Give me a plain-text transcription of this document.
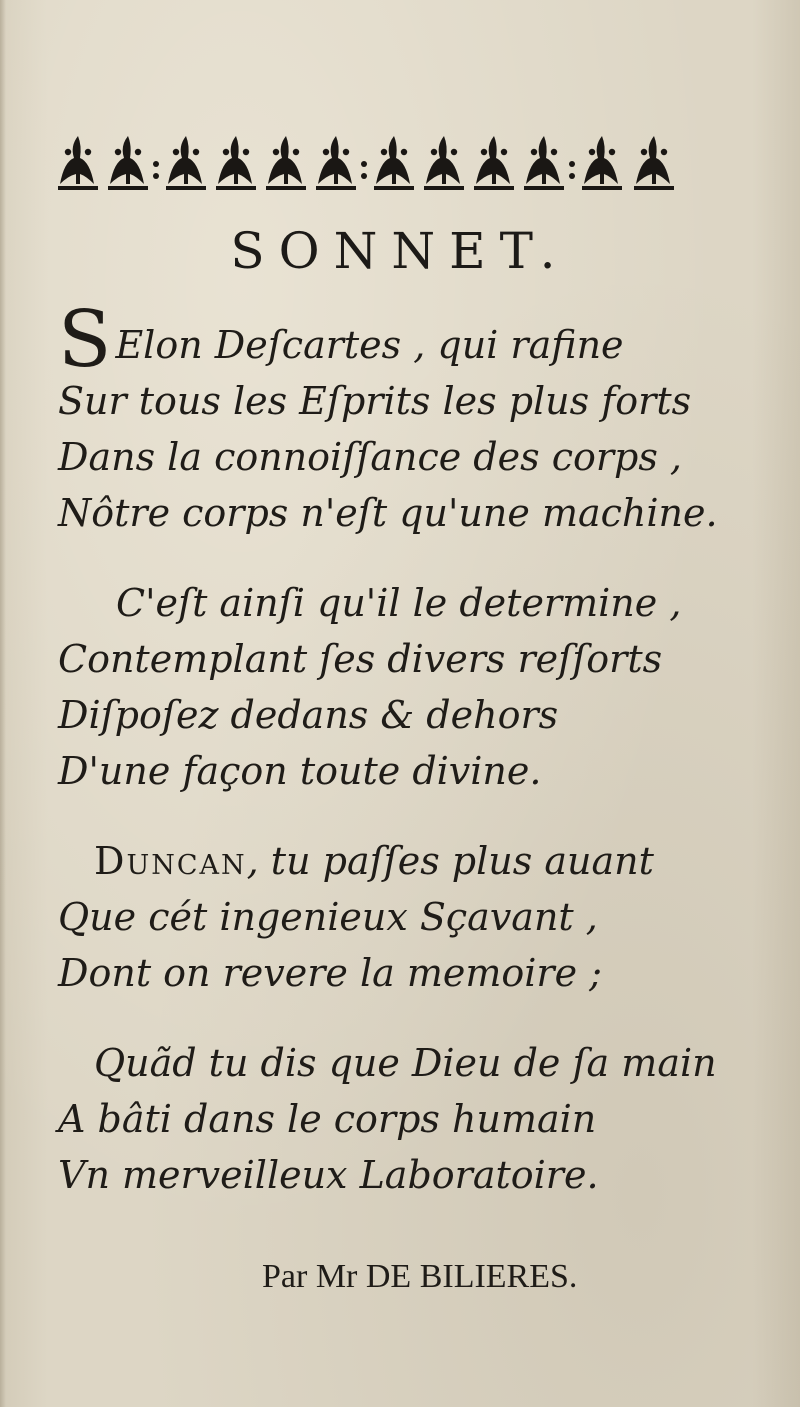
SONNET.
S Elon Deſcartes , qui rafine
Sur tous les Eſprits les plus forts
Dans la connoiſſance des corps ,
Nôtre corps n'eſt qu'une machine.
C'eſt ainſi qu'il le determine ,
Contemplant ſes divers reſſorts
Diſpoſez dedans & dehors
D'une façon toute divine.
Duncan, tu paſſes plus auant
Que cét ingenieux Sçavant ,
Dont on revere la memoire ;
Quãd tu dis que Dieu de ſa main
A bâti dans le corps humain
Vn merveilleux Laboratoire.
Par Mr DE BILIERES.
